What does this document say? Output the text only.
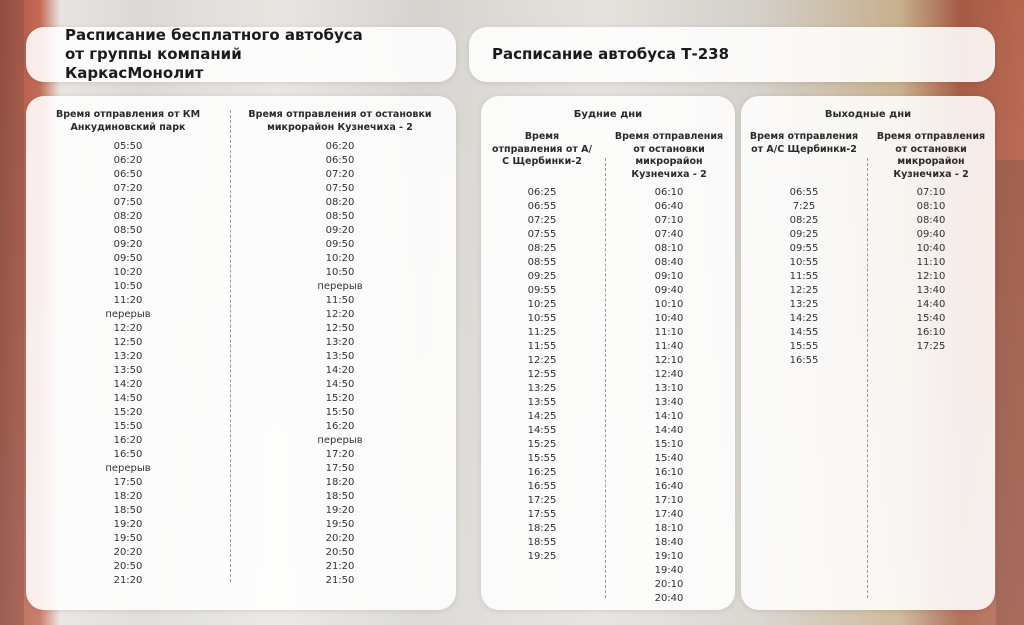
Расписание бесплатного автобуса от группы компаний КаркасМонолит
Расписание автобуса Т-238
Время отправления от КМ Анкудиновский парк
05:50
06:20
06:50
07:20
07:50
08:20
08:50
09:20
09:50
10:20
10:50
11:20
перерыв
12:20
12:50
13:20
13:50
14:20
14:50
15:20
15:50
16:20
16:50
перерыв
17:50
18:20
18:50
19:20
19:50
20:20
20:50
21:20
Время отправления от остановки микрорайон Кузнечиха - 2
06:20
06:50
07:20
07:50
08:20
08:50
09:20
09:50
10:20
10:50
перерыв
11:50
12:20
12:50
13:20
13:50
14:20
14:50
15:20
15:50
16:20
перерыв
17:20
17:50
18:20
18:50
19:20
19:50
20:20
20:50
21:20
21:50
Будние дни
Время отправления от А/С Щербинки-2
06:25
06:55
07:25
07:55
08:25
08:55
09:25
09:55
10:25
10:55
11:25
11:55
12:25
12:55
13:25
13:55
14:25
14:55
15:25
15:55
16:25
16:55
17:25
17:55
18:25
18:55
19:25
Время отправления от остановки микрорайон Кузнечиха - 2
06:10
06:40
07:10
07:40
08:10
08:40
09:10
09:40
10:10
10:40
11:10
11:40
12:10
12:40
13:10
13:40
14:10
14:40
15:10
15:40
16:10
16:40
17:10
17:40
18:10
18:40
19:10
19:40
20:10
20:40
Выходные дни
Время отправления от А/С Щербинки-2
06:55
7:25
08:25
09:25
09:55
10:55
11:55
12:25
13:25
14:25
14:55
15:55
16:55
Время отправления от остановки микрорайон Кузнечиха - 2
07:10
08:10
08:40
09:40
10:40
11:10
12:10
13:40
14:40
15:40
16:10
17:25
